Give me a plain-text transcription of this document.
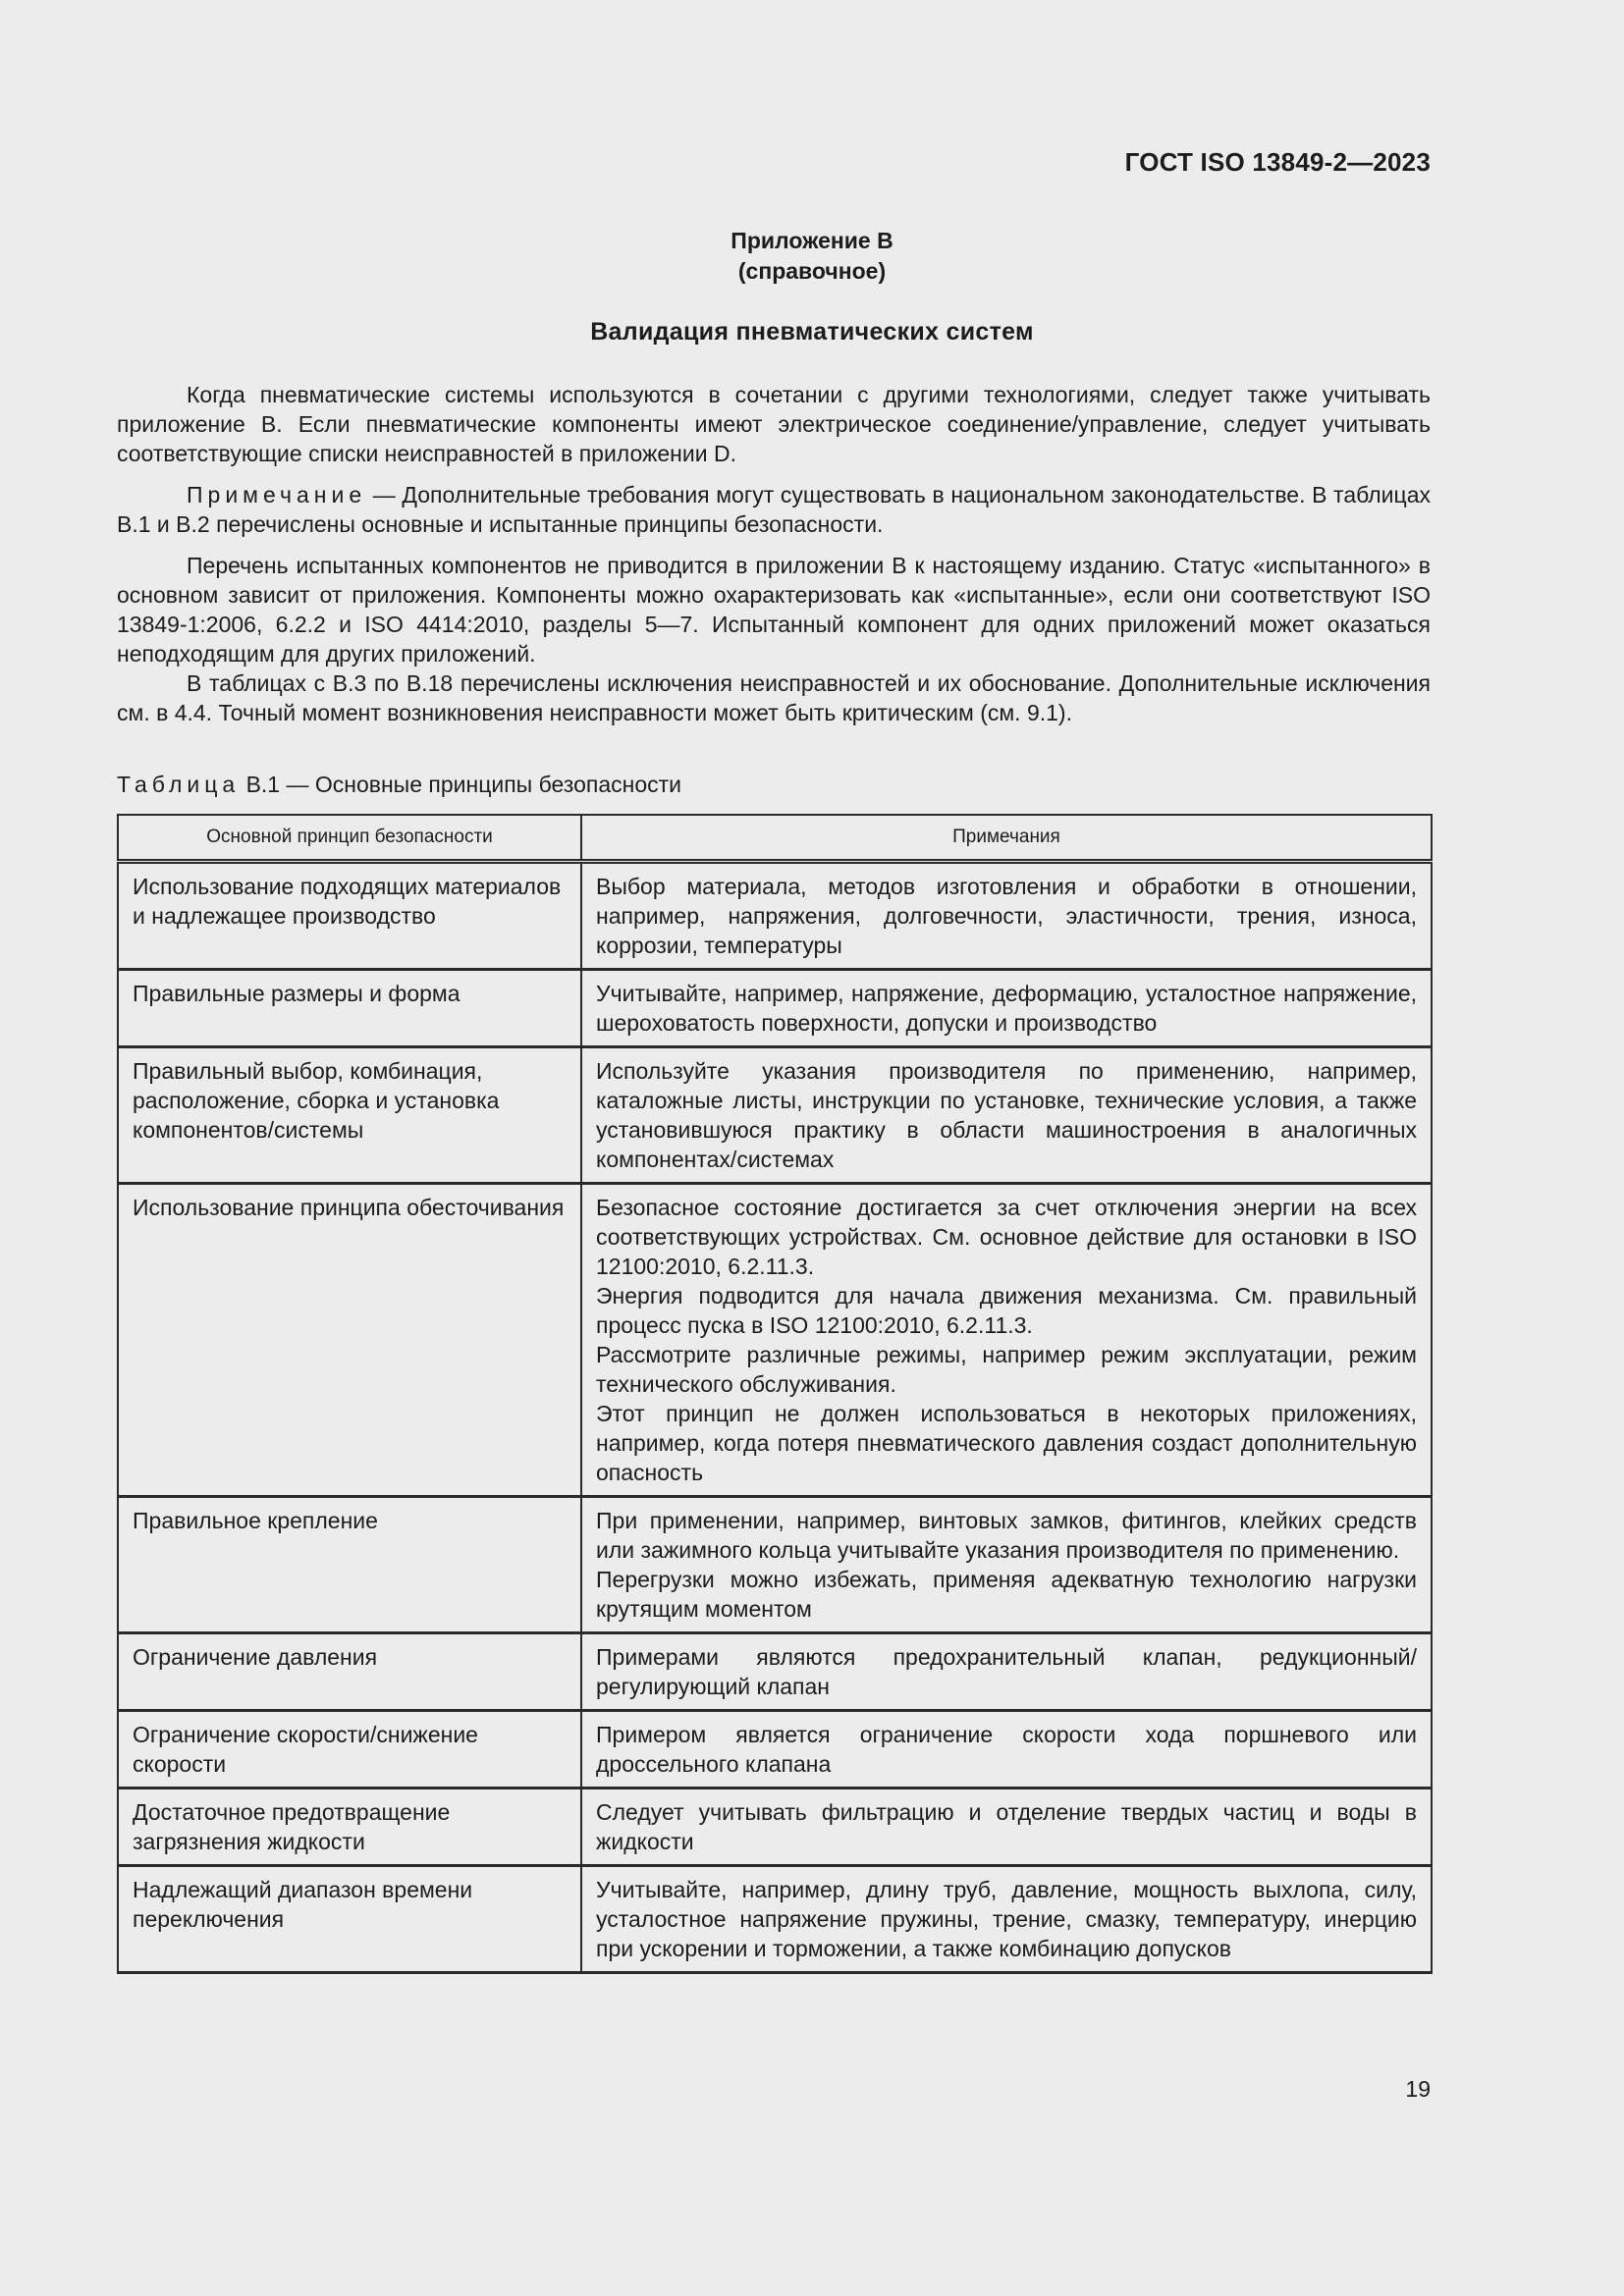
ГОСТ ISO 13849-2—2023
Приложение В
(справочное)
Валидация пневматических систем

Когда пневматические системы используются в сочетании с другими технологиями, следует также учитывать приложение В. Если пневматические компоненты имеют электрическое соединение/управление, следует учитывать соответствующие списки неисправностей в приложении D.

Примечание — Дополнительные требования могут существовать в национальном законодательстве. В таблицах В.1 и В.2 перечислены основные и испытанные принципы безопасности.

Перечень испытанных компонентов не приводится в приложении В к настоящему изданию. Статус «испытанного» в основном зависит от приложения. Компоненты можно охарактеризовать как «испытанные», если они соответствуют ISO 13849-1:2006, 6.2.2 и ISO 4414:2010, разделы 5—7. Испытанный компонент для одних приложений может оказаться неподходящим для других приложений.

В таблицах с В.3 по В.18 перечислены исключения неисправностей и их обоснование. Дополнительные исключения см. в 4.4. Точный момент возникновения неисправности может быть критическим (см. 9.1).

Таблица В.1 — Основные принципы безопасности
Основной принцип безопасности	Примечания
Использование подходящих материалов и надлежащее производство	Выбор материала, методов изготовления и обработки в отношении, например, напряжения, долговечности, эластичности, трения, износа, коррозии, температуры

Правильные размеры и форма	Учитывайте, например, напряжение, деформацию, усталостное напряжение, шероховатость поверхности, допуски и производство

Правильный выбор, комбинация, расположение, сборка и установка компонентов/системы	Используйте указания производителя по применению, например, каталожные листы, инструкции по установке, технические условия, а также установившуюся практику в области машиностроения в аналогичных компонентах/системах

Использование принципа обесточивания	Безопасное состояние достигается за счет отключения энергии на всех соответствующих устройствах. См. основное действие для остановки в ISO 12100:2010, 6.2.11.3.
Энергия подводится для начала движения механизма. См. правильный процесс пуска в ISO 12100:2010, 6.2.11.3.
Рассмотрите различные режимы, например режим эксплуатации, режим технического обслуживания.
Этот принцип не должен использоваться в некоторых приложениях, например, когда потеря пневматического давления создаст дополнительную опасность

Правильное крепление	При применении, например, винтовых замков, фитингов, клейких средств или зажимного кольца учитывайте указания производителя по применению.
Перегрузки можно избежать, применяя адекватную технологию нагрузки крутящим моментом

Ограничение давления	Примерами являются предохранительный клапан, редукционный/регулирующий клапан

Ограничение скорости/снижение скорости	Примером является ограничение скорости хода поршневого или дроссельного клапана

Достаточное предотвращение загрязнения жидкости	Следует учитывать фильтрацию и отделение твердых частиц и воды в жидкости

Надлежащий диапазон времени переключения	Учитывайте, например, длину труб, давление, мощность выхлопа, силу, усталостное напряжение пружины, трение, смазку, температуру, инерцию при ускорении и торможении, а также комбинацию допусков
19
